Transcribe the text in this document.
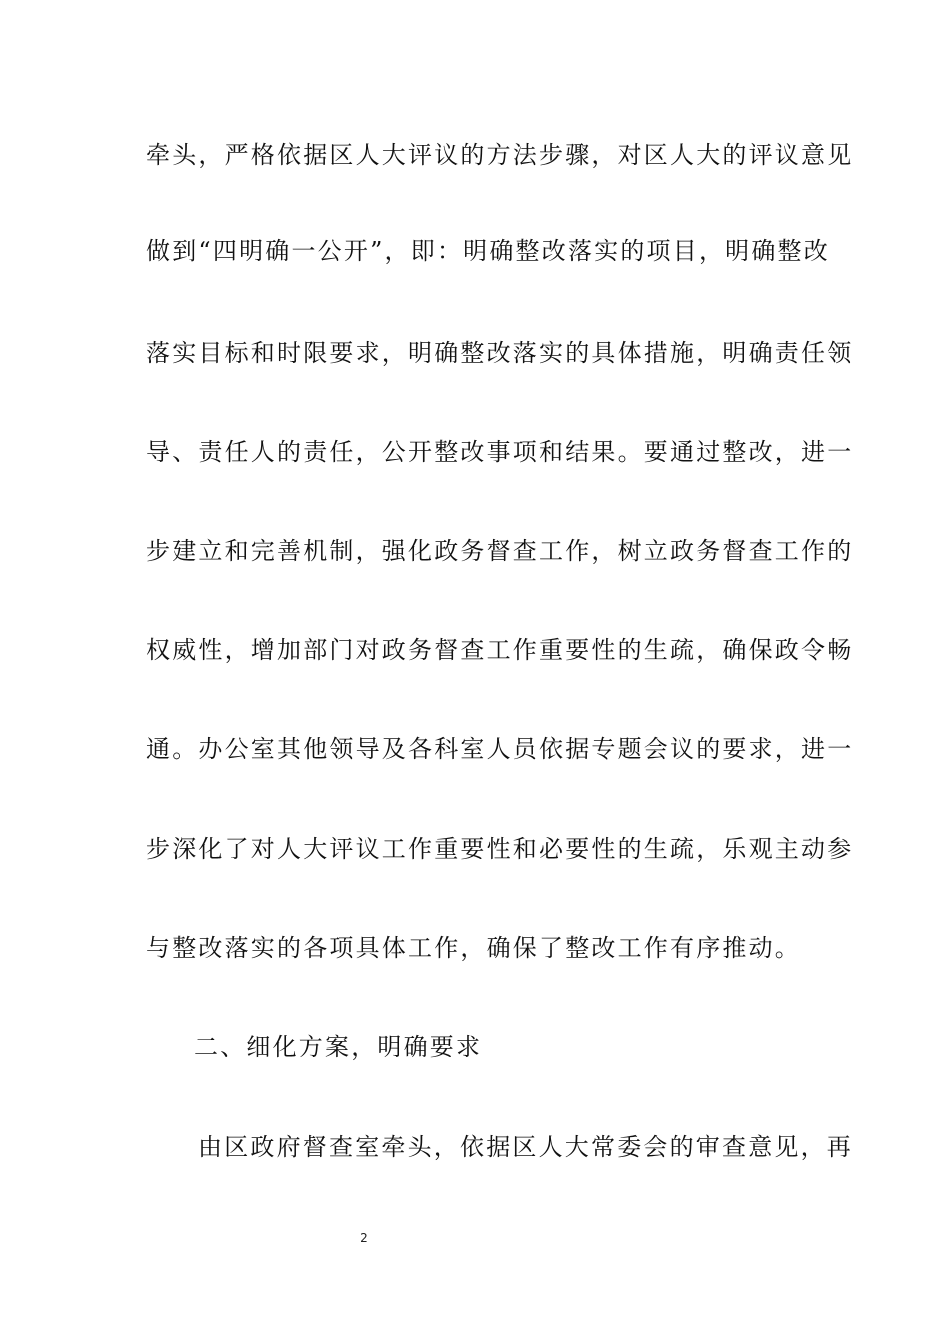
牵头，严格依据区人大评议的方法步骤，对区人大的评议意见
做到“四明确一公开”，即：明确整改落实的项目，明确整改
落实目标和时限要求，明确整改落实的具体措施，明确责任领
导、责任人的责任，公开整改事项和结果。要通过整改，进一
步建立和完善机制，强化政务督查工作，树立政务督查工作的
权威性，增加部门对政务督查工作重要性的生疏，确保政令畅
通。办公室其他领导及各科室人员依据专题会议的要求，进一
步深化了对人大评议工作重要性和必要性的生疏，乐观主动参
与整改落实的各项具体工作，确保了整改工作有序推动。
二、细化方案，明确要求
由区政府督查室牵头，依据区人大常委会的审查意见，再
2
